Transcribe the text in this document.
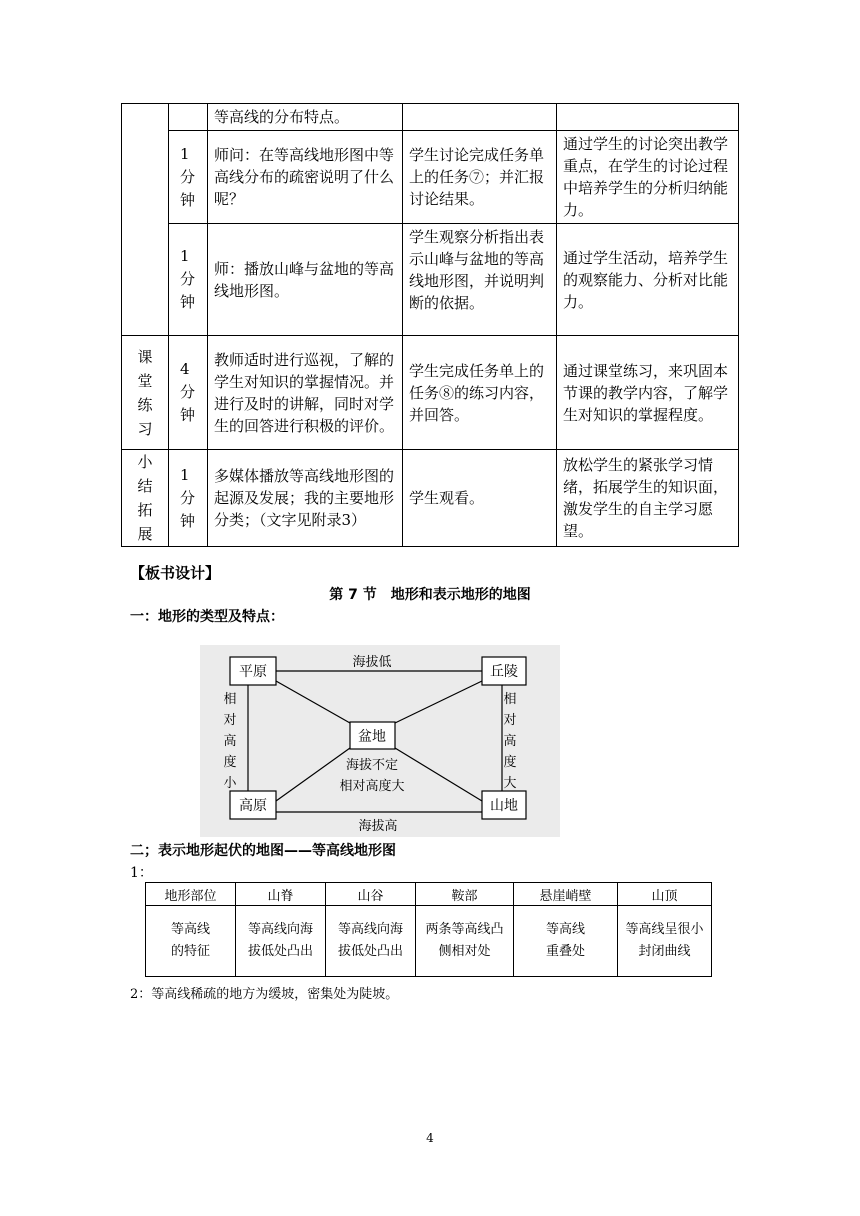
		等高线的分布特点。		

	1分钟	师问：在等高线地形图中等高线分布的疏密说明了什么呢？	学生讨论完成任务单上的任务⑦；并汇报讨论结果。	通过学生的讨论突出教学重点，在学生的讨论过程中培养学生的分析归纳能力。

	1分钟	师：播放山峰与盆地的等高线地形图。	学生观察分析指出表示山峰与盆地的等高线地形图，并说明判断的依据。	通过学生活动，培养学生的观察能力、分析对比能力。

课堂练习	4分钟	教师适时进行巡视，了解的学生对知识的掌握情况。并进行及时的讲解，同时对学生的回答进行积极的评价。	学生完成任务单上的任务⑧的练习内容，并回答。	通过课堂练习，来巩固本节课的教学内容，了解学生对知识的掌握程度。

小结拓展	1分钟	多媒体播放等高线地形图的起源及发展；我的主要地形分类；（文字见附录3）	学生观看。	放松学生的紧张学习情绪，拓展学生的知识面，激发学生的自主学习愿望。
【板书设计】
第 7 节　地形和表示地形的地图
一：地形的类型及特点：
平原	丘陵
盆地
高原	山地
海拔低
海拔高
海拔不定
相对高度大
相对高度小
相对高度大
二；表示地形起伏的地图——等高线地形图
1：
地形部位	山脊	山谷	鞍部	悬崖峭壁	山顶
等高线的特征	等高线向海拔低处凸出	等高线向海拔低处凸出	两条等高线凸侧相对处	等高线重叠处	等高线呈很小封闭曲线
2：等高线稀疏的地方为缓坡，密集处为陡坡。
4
